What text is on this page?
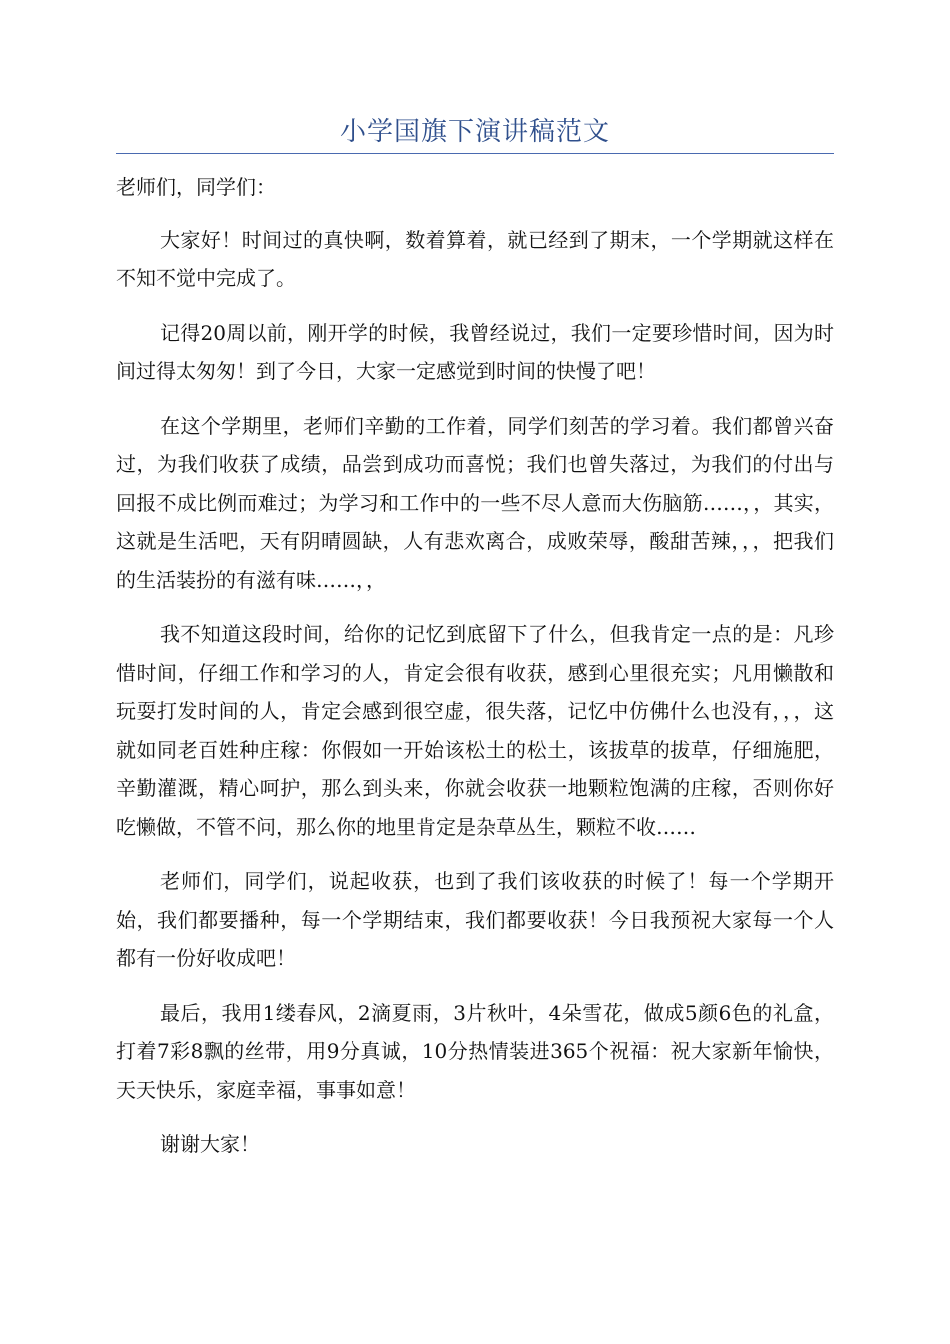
小学国旗下演讲稿范文

老师们，同学们：

大家好！时间过的真快啊，数着算着，就已经到了期末，一个学期就这样在不知不觉中完成了。

记得20周以前，刚开学的时候，我曾经说过，我们一定要珍惜时间，因为时间过得太匆匆！到了今日，大家一定感觉到时间的快慢了吧！

在这个学期里，老师们辛勤的工作着，同学们刻苦的学习着。我们都曾兴奋过，为我们收获了成绩，品尝到成功而喜悦；我们也曾失落过，为我们的付出与回报不成比例而难过；为学习和工作中的一些不尽人意而大伤脑筋……，，其实，这就是生活吧，天有阴晴圆缺，人有悲欢离合，成败荣辱，酸甜苦辣，，，把我们的生活装扮的有滋有味……，，

我不知道这段时间，给你的记忆到底留下了什么，但我肯定一点的是：凡珍惜时间，仔细工作和学习的人，肯定会很有收获，感到心里很充实；凡用懒散和玩耍打发时间的人，肯定会感到很空虚，很失落，记忆中仿佛什么也没有，，，这就如同老百姓种庄稼：你假如一开始该松土的松土，该拔草的拔草，仔细施肥，辛勤灌溉，精心呵护，那么到头来，你就会收获一地颗粒饱满的庄稼，否则你好吃懒做，不管不问，那么你的地里肯定是杂草丛生，颗粒不收……

老师们，同学们，说起收获，也到了我们该收获的时候了！每一个学期开始，我们都要播种，每一个学期结束，我们都要收获！今日我预祝大家每一个人都有一份好收成吧！

最后，我用1缕春风，2滴夏雨，3片秋叶，4朵雪花，做成5颜6色的礼盒，打着7彩8飘的丝带，用9分真诚，10分热情装进365个祝福：祝大家新年愉快，天天快乐，家庭幸福，事事如意！

谢谢大家！
